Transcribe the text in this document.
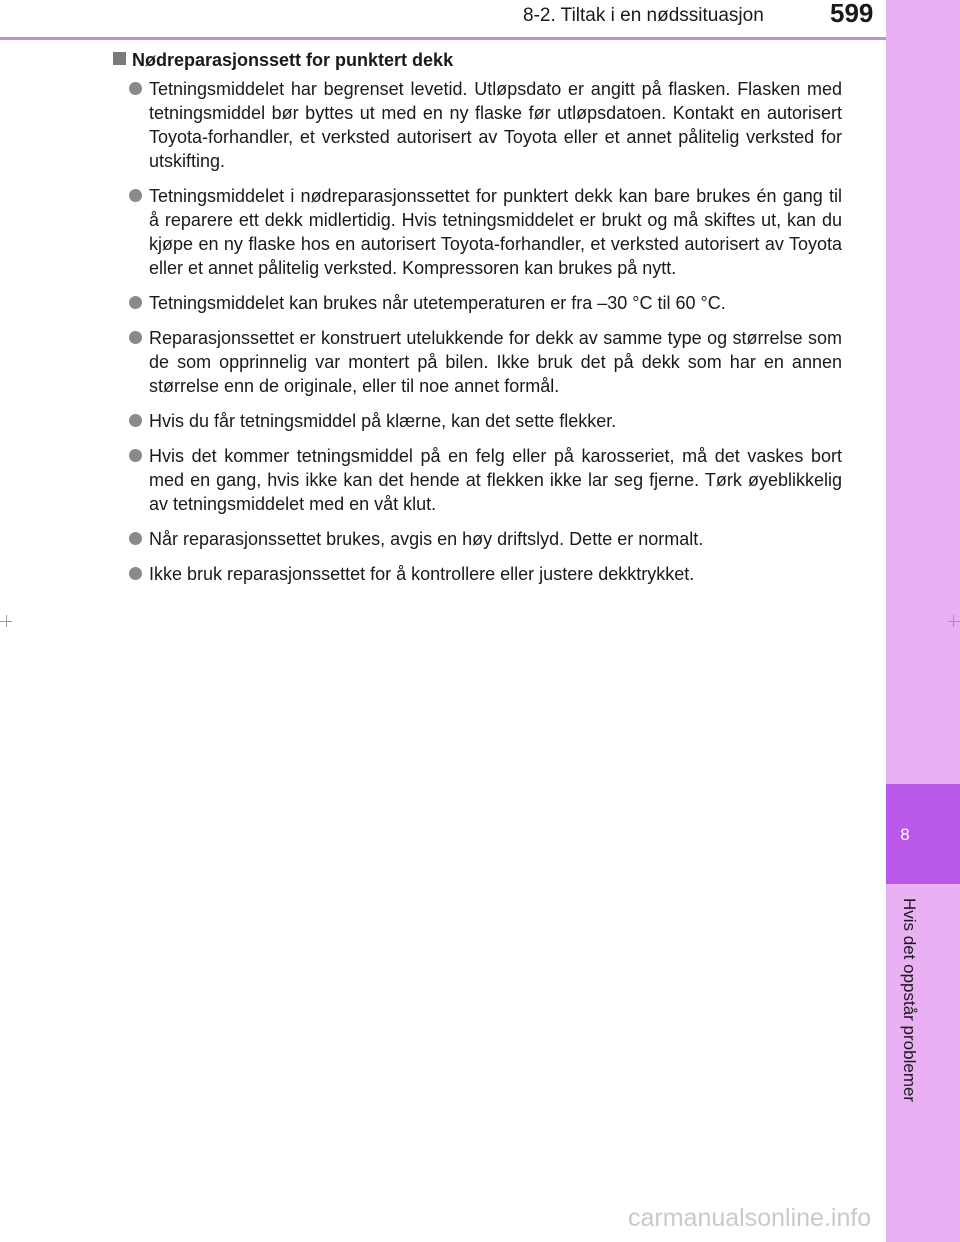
8-2. Tiltak i en nødssituasjon	599
8
Hvis det oppstår problemer
Nødreparasjonssett for punktert dekk
Tetningsmiddelet har begrenset levetid. Utløpsdato er angitt på flasken. Flasken med tetningsmiddel bør byttes ut med en ny flaske før utløpsdatoen. Kontakt en autorisert Toyota-forhandler, et verksted autorisert av Toyota eller et annet pålitelig verksted for utskifting.
Tetningsmiddelet i nødreparasjonssettet for punktert dekk kan bare brukes én gang til å reparere ett dekk midlertidig. Hvis tetningsmiddelet er brukt og må skiftes ut, kan du kjøpe en ny flaske hos en autorisert Toyota-forhandler, et verksted autorisert av Toyota eller et annet pålitelig verksted. Kompressoren kan brukes på nytt.
Tetningsmiddelet kan brukes når utetemperaturen er fra –30 °C til 60 °C.
Reparasjonssettet er konstruert utelukkende for dekk av samme type og størrelse som de som opprinnelig var montert på bilen. Ikke bruk det på dekk som har en annen størrelse enn de originale, eller til noe annet formål.
Hvis du får tetningsmiddel på klærne, kan det sette flekker.
Hvis det kommer tetningsmiddel på en felg eller på karosseriet, må det vaskes bort med en gang, hvis ikke kan det hende at flekken ikke lar seg fjerne. Tørk øyeblikkelig av tetningsmiddelet med en våt klut.
Når reparasjonssettet brukes, avgis en høy driftslyd. Dette er normalt.
Ikke bruk reparasjonssettet for å kontrollere eller justere dekktrykket.
carmanualsonline.info
